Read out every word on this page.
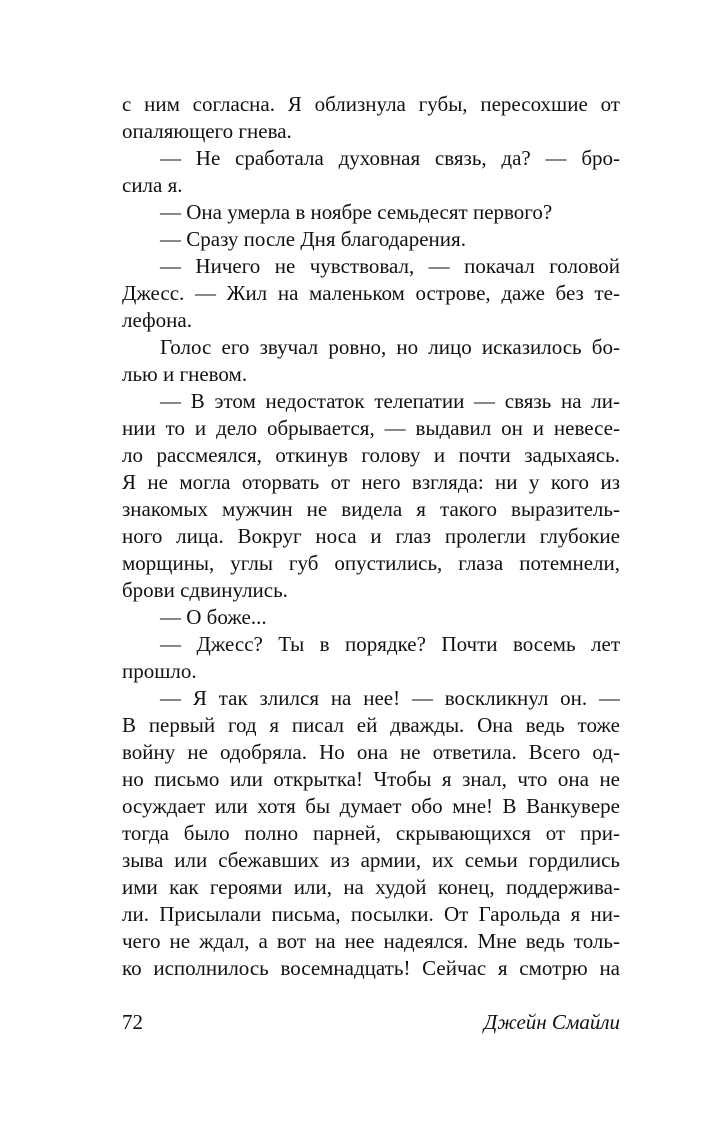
с ним согласна. Я облизнула губы, пересохшие от
опаляющего гнева.
— Не сработала духовная связь, да? — бро-
сила я.
— Она умерла в ноябре семьдесят первого?
— Сразу после Дня благодарения.
— Ничего не чувствовал, — покачал головой
Джесс. — Жил на маленьком острове, даже без те-
лефона.
Голос его звучал ровно, но лицо исказилось бо-
лью и гневом.
— В этом недостаток телепатии — связь на ли-
нии то и дело обрывается, — выдавил он и невесе-
ло рассмеялся, откинув голову и почти задыхаясь.
Я не могла оторвать от него взгляда: ни у кого из
знакомых мужчин не видела я такого выразитель-
ного лица. Вокруг носа и глаз пролегли глубокие
морщины, углы губ опустились, глаза потемнели,
брови сдвинулись.
— О боже...
— Джесс? Ты в порядке? Почти восемь лет
прошло.
— Я так злился на нее! — воскликнул он. —
В первый год я писал ей дважды. Она ведь тоже
войну не одобряла. Но она не ответила. Всего од-
но письмо или открытка! Чтобы я знал, что она не
осуждает или хотя бы думает обо мне! В Ванкувере
тогда было полно парней, скрывающихся от при-
зыва или сбежавших из армии, их семьи гордились
ими как героями или, на худой конец, поддержива-
ли. Присылали письма, посылки. От Гарольда я ни-
чего не ждал, а вот на нее надеялся. Мне ведь толь-
ко исполнилось восемнадцать! Сейчас я смотрю на
72	Джейн Смайли
